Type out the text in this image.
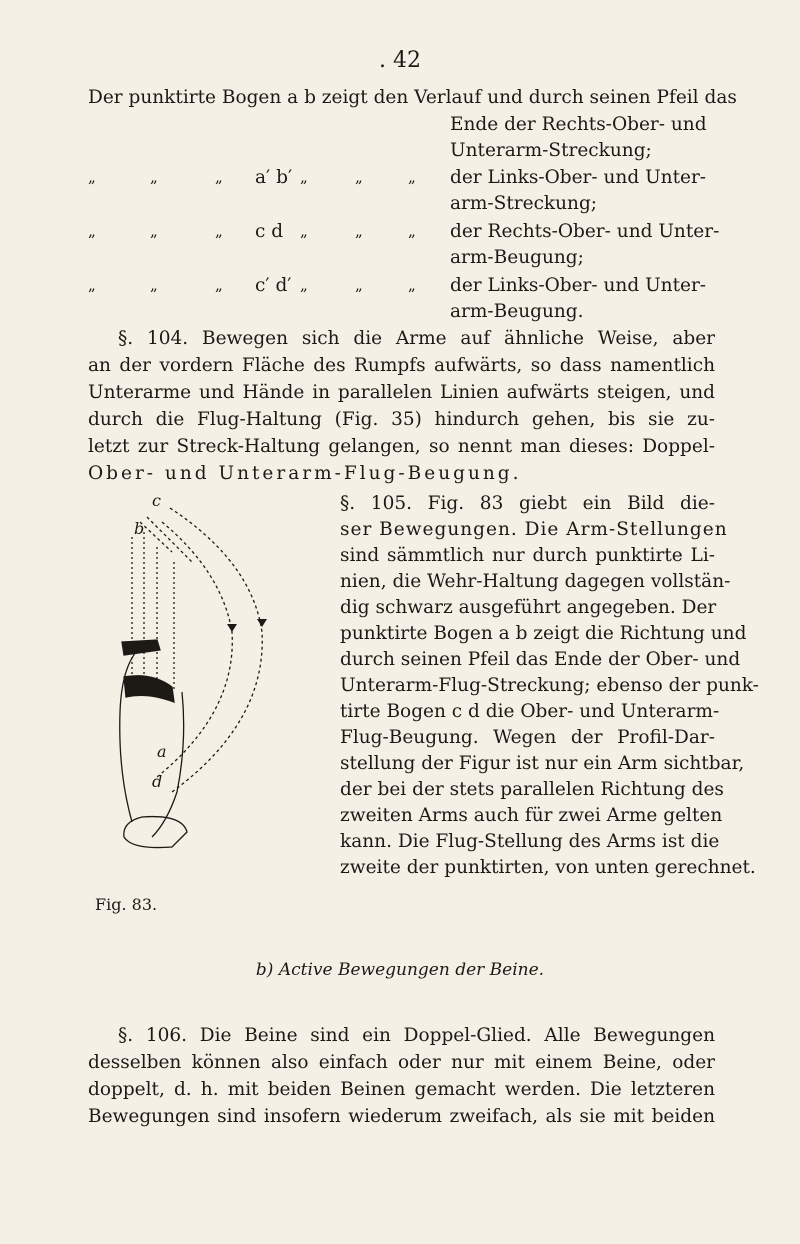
. 42
Der punktirte Bogen a b zeigt den Verlauf und durch seinen Pfeil das
Ende der Rechts-Ober- und
Unterarm-Streckung;
„	„	„ a′ b′ „	„	„ der Links-Ober- und Unter-
arm-Streckung;
„	„	„ c d „	„	„ der Rechts-Ober- und Unter-
arm-Beugung;
„	„	„ c′ d′ „	„	„ der Links-Ober- und Unter-
arm-Beugung.
§. 104. Bewegen sich die Arme auf ähnliche Weise, aber
an der vordern Fläche des Rumpfs aufwärts, so dass namentlich
Unterarme und Hände in parallelen Linien aufwärts steigen, und
durch die Flug-Haltung (Fig. 35) hindurch gehen, bis sie zu-
letzt zur Streck-Haltung gelangen, so nennt man dieses: Doppel-
Ober- und Unterarm-Flug-Beugung.
c
b
a
d
§. 105. Fig. 83 giebt ein Bild die-
ser Bewegungen. Die Arm-Stellungen
sind sämmtlich nur durch punktirte Li-
nien, die Wehr-Haltung dagegen vollstän-
dig schwarz ausgeführt angegeben. Der
punktirte Bogen a b zeigt die Richtung und
durch seinen Pfeil das Ende der Ober- und
Unterarm-Flug-Streckung; ebenso der punk-
tirte Bogen c d die Ober- und Unterarm-
Flug-Beugung. Wegen der Profil-Dar-
stellung der Figur ist nur ein Arm sichtbar,
der bei der stets parallelen Richtung des
zweiten Arms auch für zwei Arme gelten
kann. Die Flug-Stellung des Arms ist die
zweite der punktirten, von unten gerechnet.
Fig. 83.
b) Active Bewegungen der Beine.
§. 106. Die Beine sind ein Doppel-Glied. Alle Bewegungen
desselben können also einfach oder nur mit einem Beine, oder
doppelt, d. h. mit beiden Beinen gemacht werden. Die letzteren
Bewegungen sind insofern wiederum zweifach, als sie mit beiden
